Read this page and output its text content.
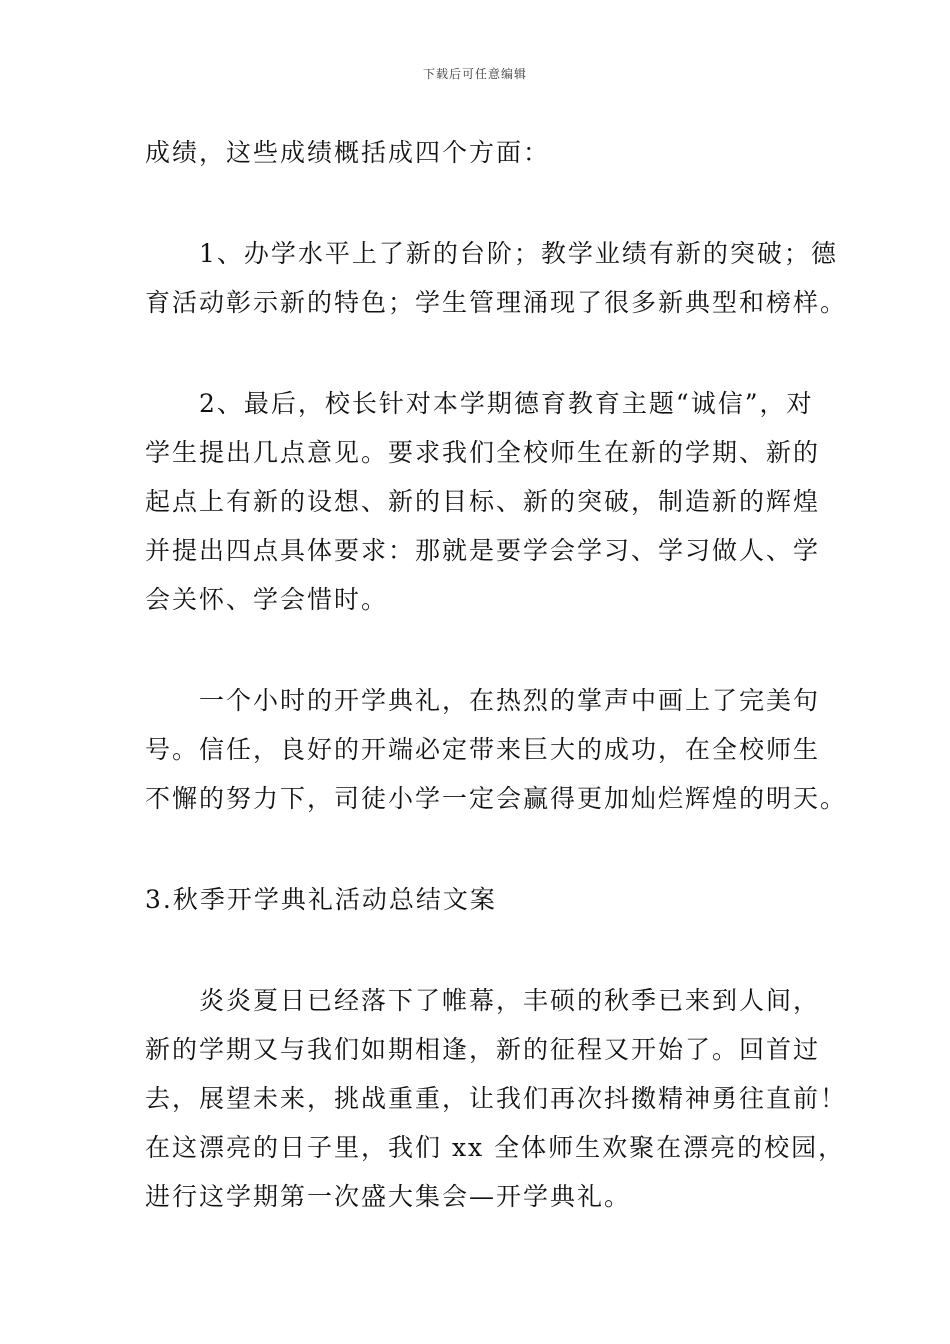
下载后可任意编辑

成绩，这些成绩概括成四个方面：

1、办学水平上了新的台阶；教学业绩有新的突破；德
育活动彰示新的特色；学生管理涌现了很多新典型和榜样。

2、最后，校长针对本学期德育教育主题“诚信”，对
学生提出几点意见。要求我们全校师生在新的学期、新的
起点上有新的设想、新的目标、新的突破，制造新的辉煌
并提出四点具体要求：那就是要学会学习、学习做人、学
会关怀、学会惜时。

一个小时的开学典礼，在热烈的掌声中画上了完美句
号。信任，良好的开端必定带来巨大的成功，在全校师生
不懈的努力下，司徒小学一定会赢得更加灿烂辉煌的明天。

3.秋季开学典礼活动总结文案

炎炎夏日已经落下了帷幕，丰硕的秋季已来到人间，
新的学期又与我们如期相逢，新的征程又开始了。回首过
去，展望未来，挑战重重，让我们再次抖擞精神勇往直前！
在这漂亮的日子里，我们 xx 全体师生欢聚在漂亮的校园，
进行这学期第一次盛大集会—开学典礼。
